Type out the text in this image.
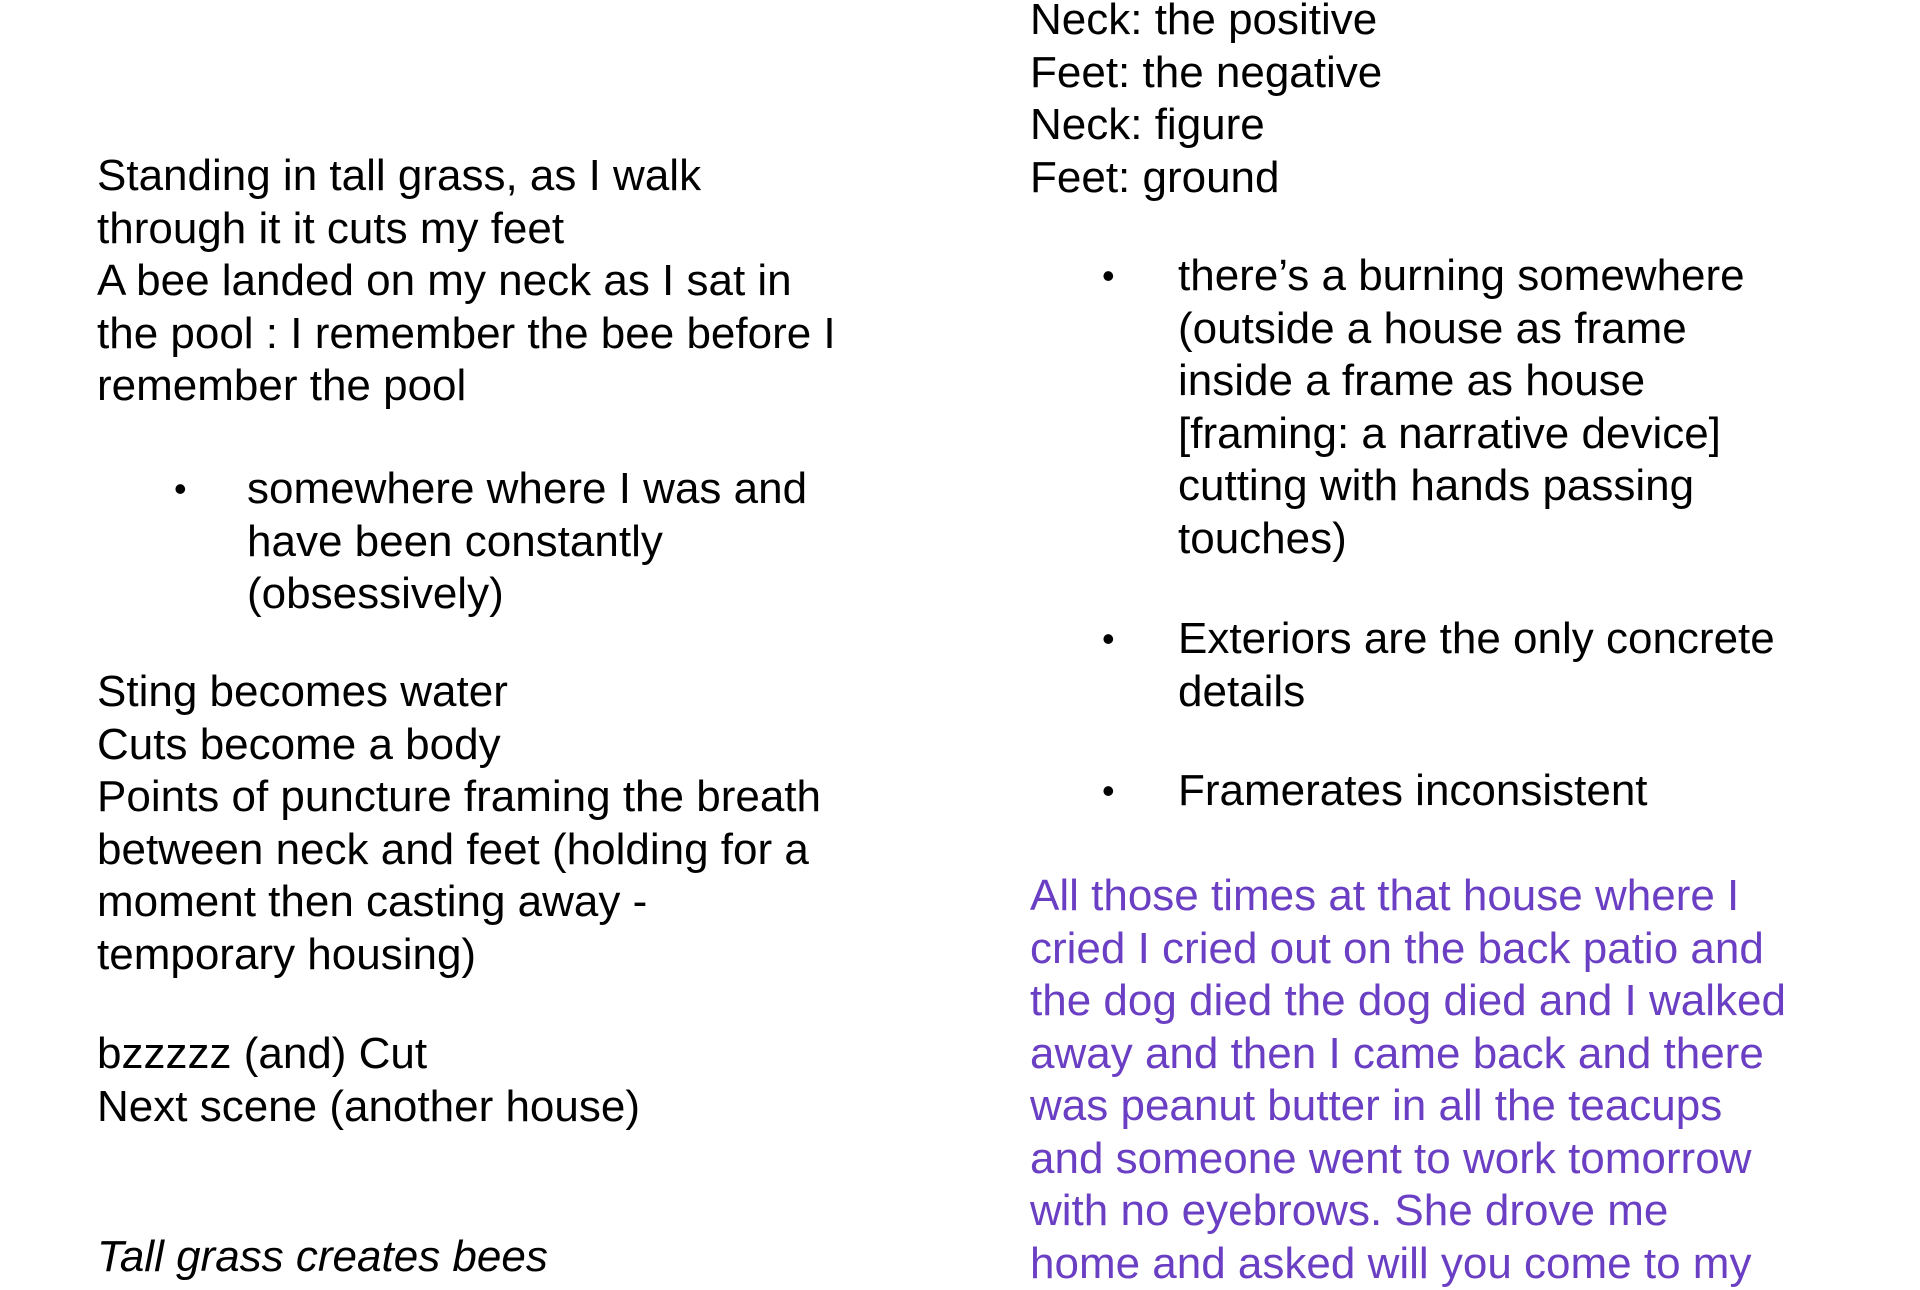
Standing in tall grass, as I walk
through it it cuts my feet
A bee landed on my neck as I sat in
the pool : I remember the bee before I
remember the pool
• somewhere where I was and
have been constantly
(obsessively)
Sting becomes water
Cuts become a body
Points of puncture framing the breath
between neck and feet (holding for a
moment then casting away -
temporary housing)
bzzzzz (and) Cut
Next scene (another house)
Tall grass creates bees
Neck: the positive
Feet: the negative
Neck: figure
Feet: ground
• there’s a burning somewhere
(outside a house as frame
inside a frame as house
[framing: a narrative device]
cutting with hands passing
touches)
• Exteriors are the only concrete
details
• Framerates inconsistent
All those times at that house where I
cried I cried out on the back patio and
the dog died the dog died and I walked
away and then I came back and there
was peanut butter in all the teacups
and someone went to work tomorrow
with no eyebrows. She drove me
home and asked will you come to my
